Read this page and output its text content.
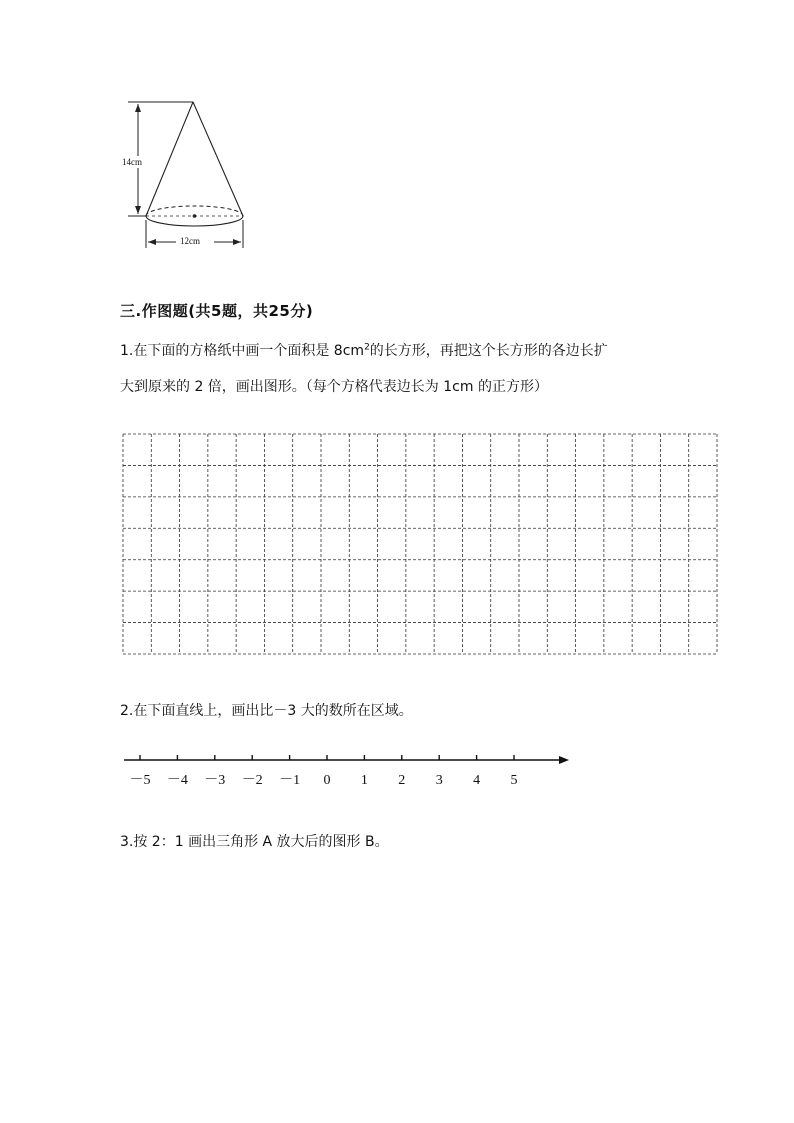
14cm
12cm
三.作图题(共5题，共25分)
1.在下面的方格纸中画一个面积是 $8cm^2$的长方形，再把这个长方形的各边长扩
大到原来的 2 倍，画出图形。（每个方格代表边长为 1cm 的正方形）
2.在下面直线上，画出比－3 大的数所在区域。
－5 －4 －3 －2 －1 0 1 2 3 4 5
3.按 2：1 画出三角形 A 放大后的图形 B。
